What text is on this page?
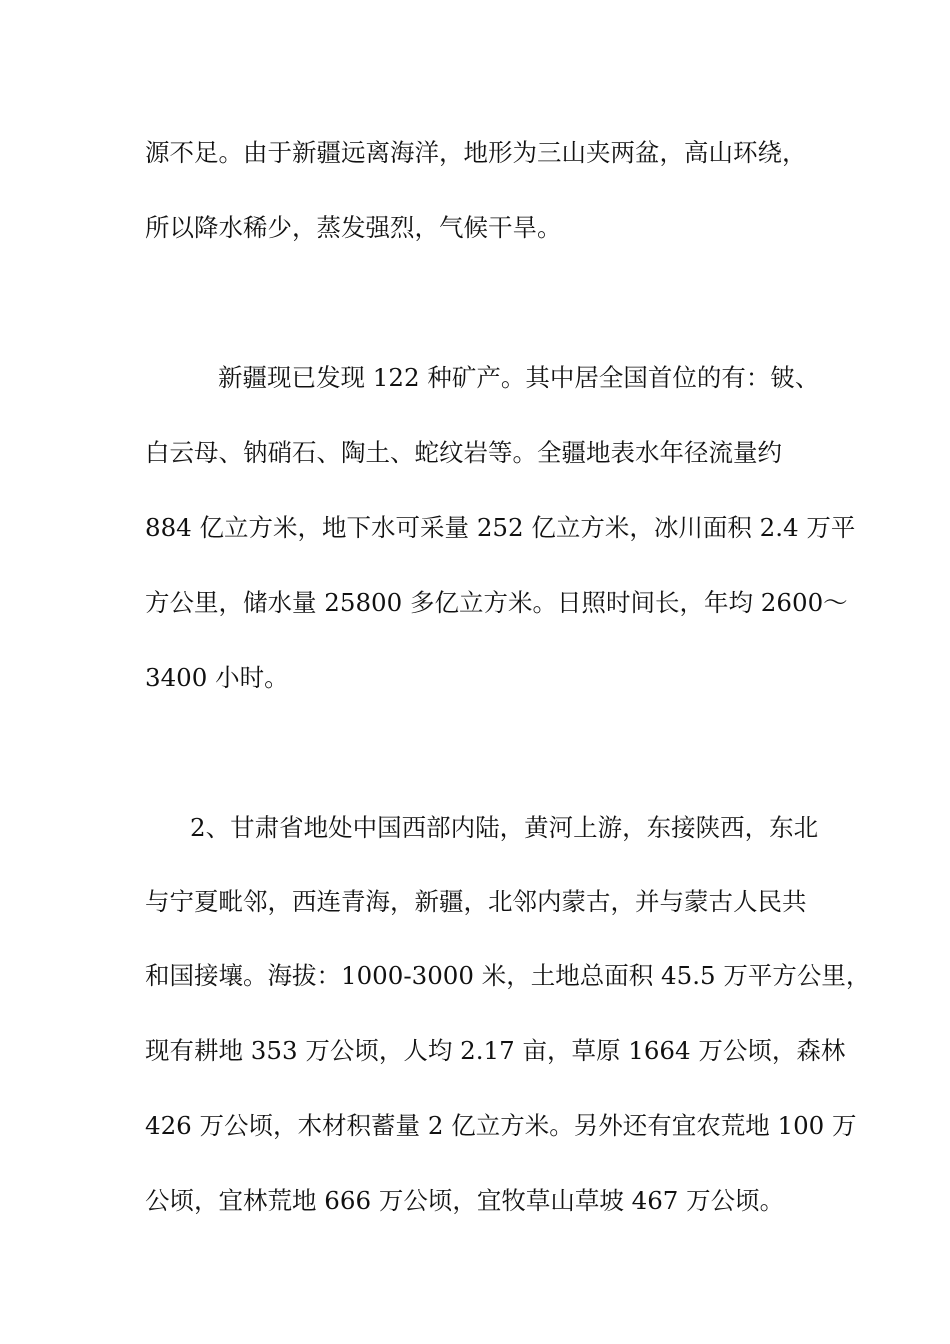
源不足。由于新疆远离海洋，地形为三山夹两盆，高山环绕，
所以降水稀少，蒸发强烈，气候干旱。
新疆现已发现 122 种矿产。其中居全国首位的有：铍、
白云母、钠硝石、陶土、蛇纹岩等。全疆地表水年径流量约
884 亿立方米，地下水可采量 252 亿立方米，冰川面积 2.4 万平
方公里，储水量 25800 多亿立方米。日照时间长，年均 2600～
3400 小时。
2、甘肃省地处中国西部内陆，黄河上游，东接陕西，东北
与宁夏毗邻，西连青海，新疆，北邻内蒙古，并与蒙古人民共
和国接壤。海拔：1000-3000 米，土地总面积 45.5 万平方公里，
现有耕地 353 万公顷，人均 2.17 亩，草原 1664 万公顷，森林
426 万公顷，木材积蓄量 2 亿立方米。另外还有宜农荒地 100 万
公顷，宜林荒地 666 万公顷，宜牧草山草坡 467 万公顷。
